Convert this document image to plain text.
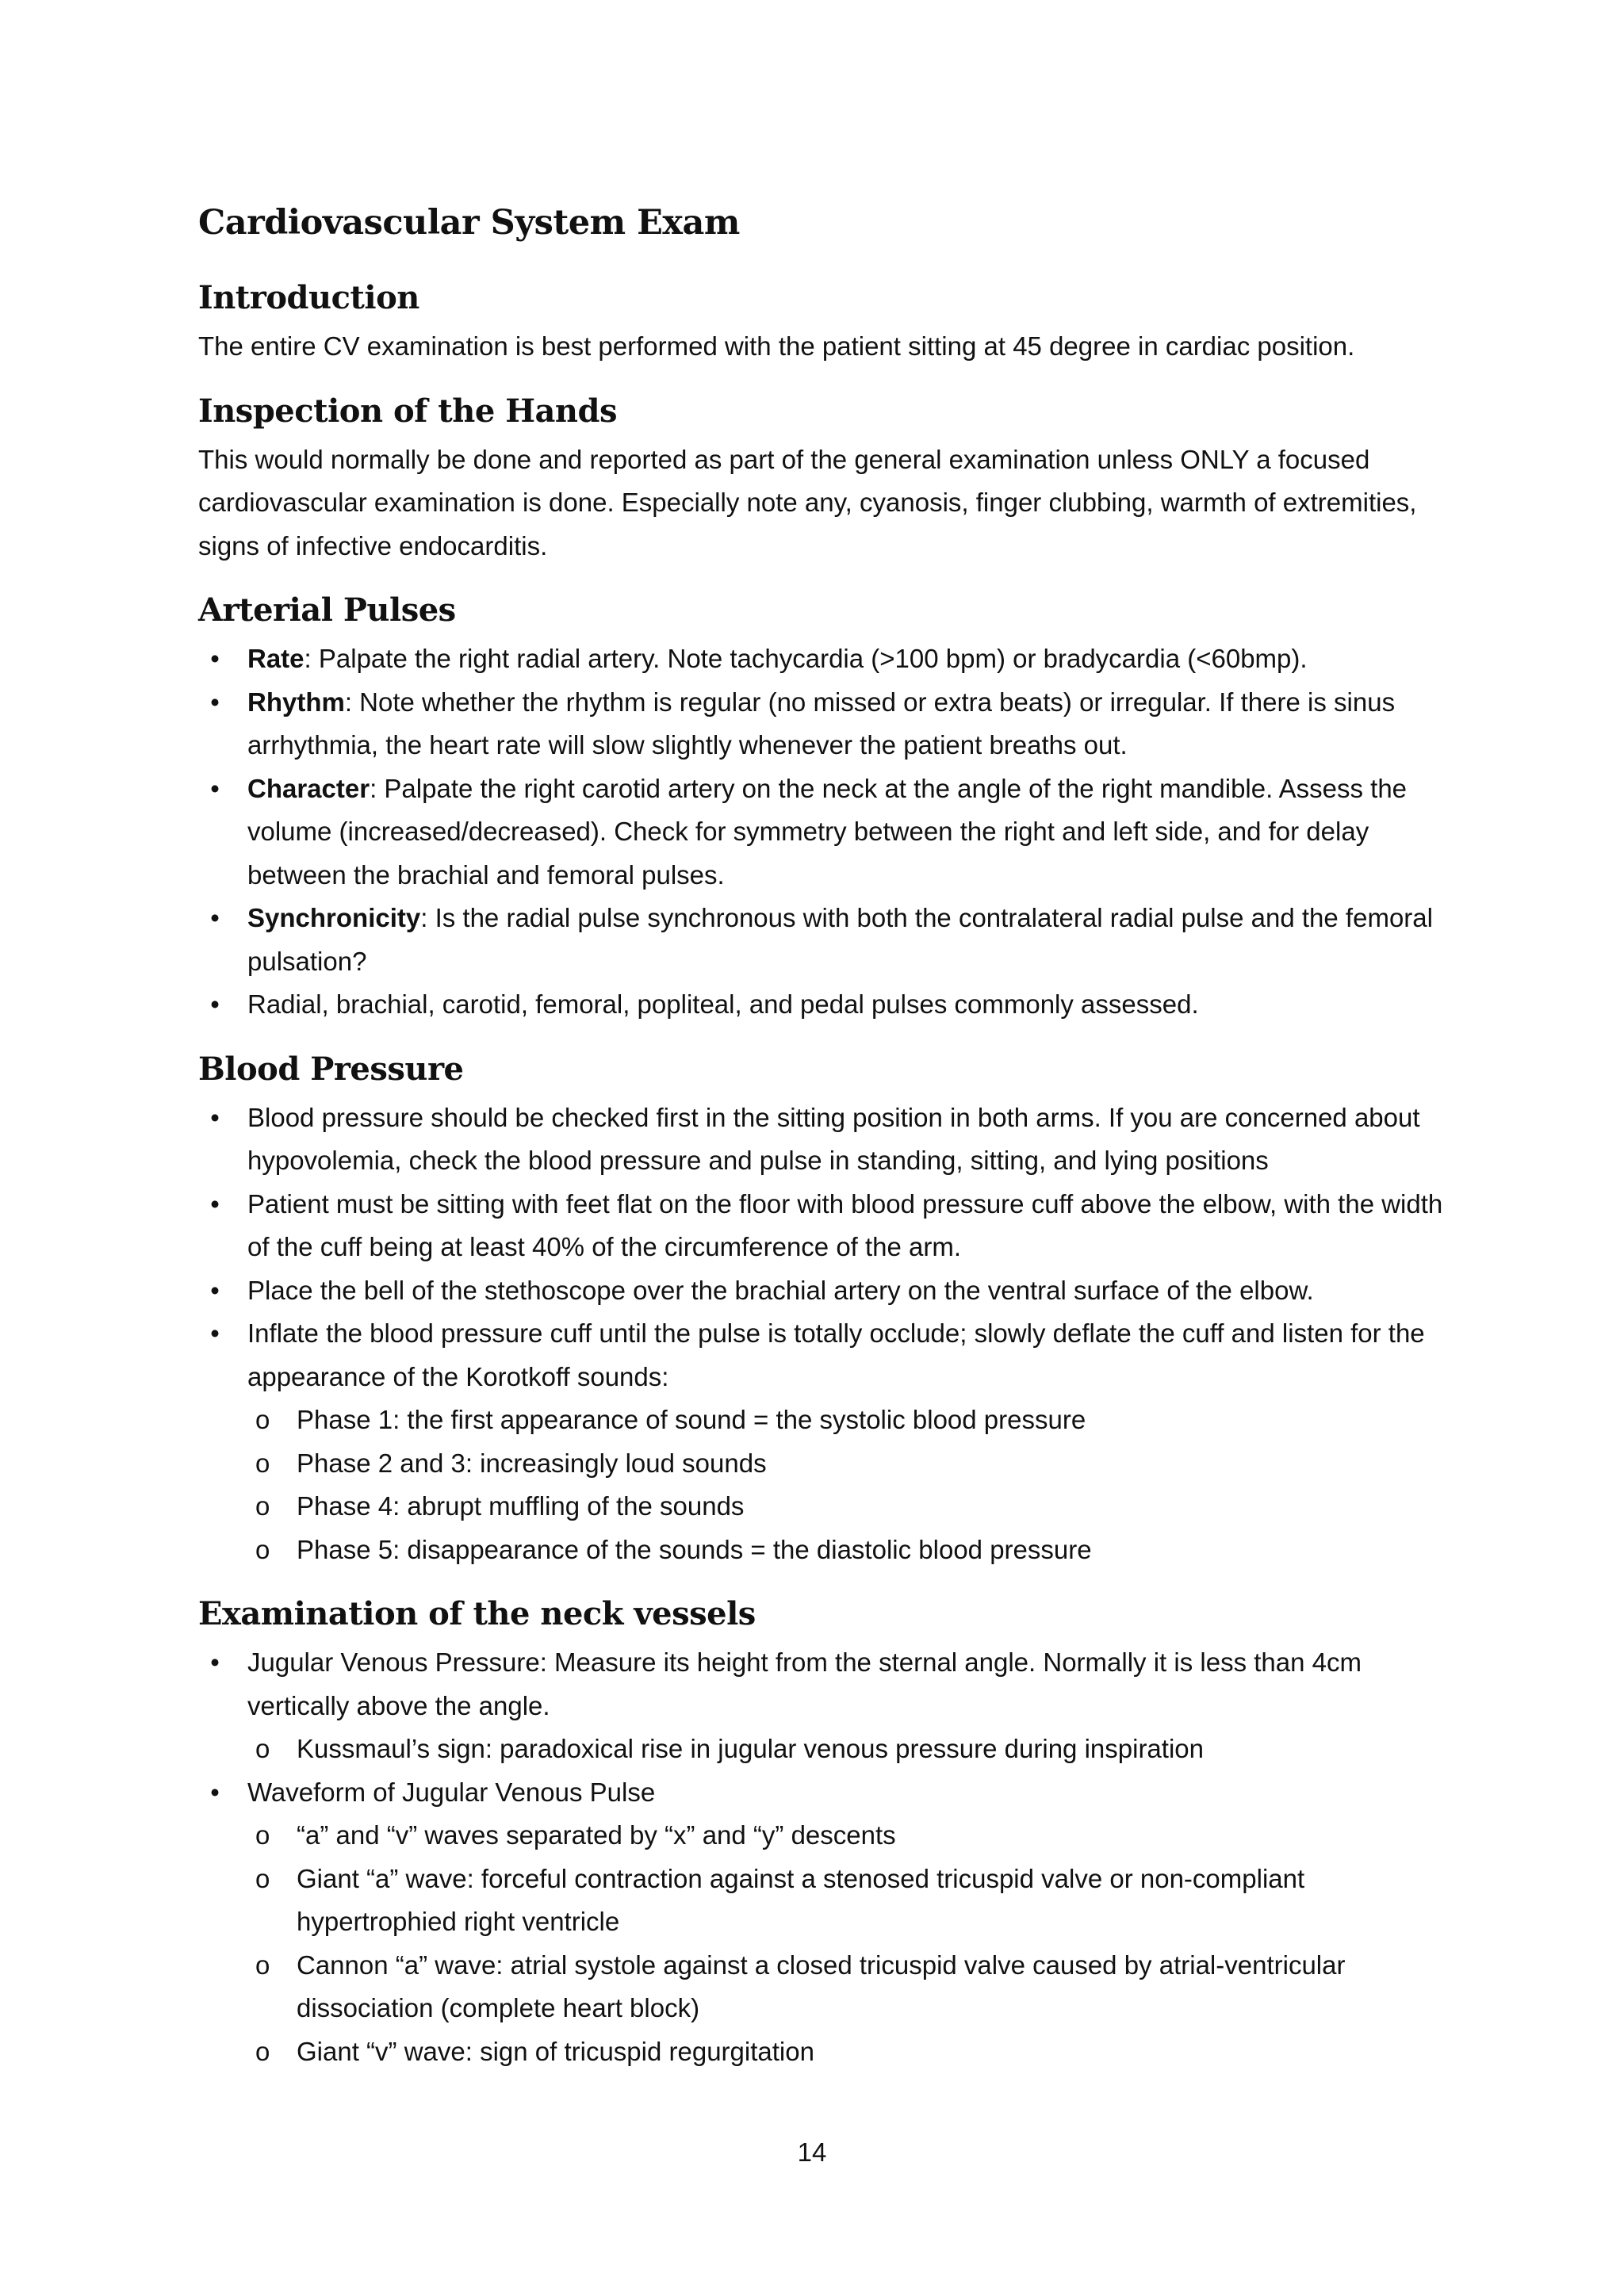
Cardiovascular System Exam
Introduction

The entire CV examination is best performed with the patient sitting at 45 degree in cardiac position.

Inspection of the Hands

This would normally be done and reported as part of the general examination unless ONLY a focused cardiovascular examination is done. Especially note any, cyanosis, finger clubbing, warmth of extremities, signs of infective endocarditis.

Arterial Pulses
• Rate: Palpate the right radial artery. Note tachycardia (>100 bpm) or bradycardia (<60bmp).
• Rhythm: Note whether the rhythm is regular (no missed or extra beats) or irregular. If there is sinus arrhythmia, the heart rate will slow slightly whenever the patient breaths out.
• Character: Palpate the right carotid artery on the neck at the angle of the right mandible. Assess the volume (increased/decreased). Check for symmetry between the right and left side, and for delay between the brachial and femoral pulses.
• Synchronicity: Is the radial pulse synchronous with both the contralateral radial pulse and the femoral pulsation?
• Radial, brachial, carotid, femoral, popliteal, and pedal pulses commonly assessed.
Blood Pressure
• Blood pressure should be checked first in the sitting position in both arms. If you are concerned about hypovolemia, check the blood pressure and pulse in standing, sitting, and lying positions
• Patient must be sitting with feet flat on the floor with blood pressure cuff above the elbow, with the width of the cuff being at least 40% of the circumference of the arm.
• Place the bell of the stethoscope over the brachial artery on the ventral surface of the elbow.
• Inflate the blood pressure cuff until the pulse is totally occlude; slowly deflate the cuff and listen for the appearance of the Korotkoff sounds:
o Phase 1: the first appearance of sound = the systolic blood pressure
o Phase 2 and 3: increasingly loud sounds
o Phase 4: abrupt muffling of the sounds
o Phase 5: disappearance of the sounds = the diastolic blood pressure
Examination of the neck vessels
• Jugular Venous Pressure: Measure its height from the sternal angle. Normally it is less than 4cm vertically above the angle.
o Kussmaul’s sign: paradoxical rise in jugular venous pressure during inspiration
• Waveform of Jugular Venous Pulse
o “a” and “v” waves separated by “x” and “y” descents
o Giant “a” wave: forceful contraction against a stenosed tricuspid valve or non-compliant hypertrophied right ventricle
o Cannon “a” wave: atrial systole against a closed tricuspid valve caused by atrial-ventricular dissociation (complete heart block)
o Giant “v” wave: sign of tricuspid regurgitation
14
